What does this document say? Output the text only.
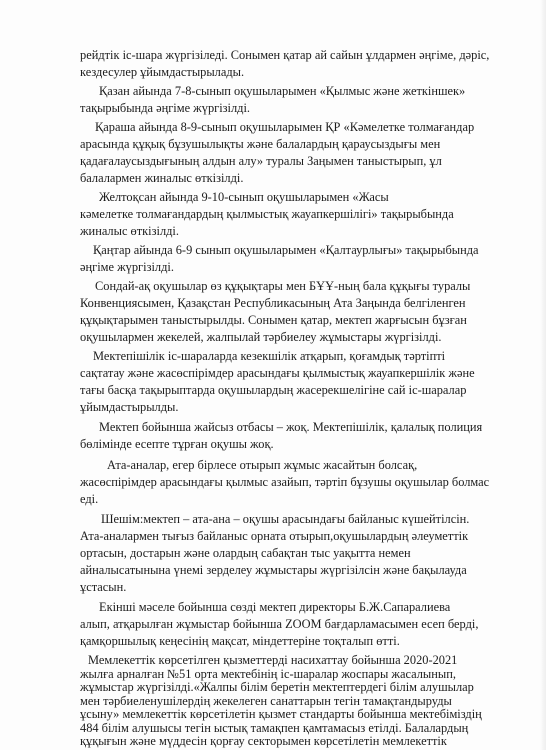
рейдтік іс-шара жүргізіледі. Сонымен қатар ай сайын ұлдармен әңгіме, дәріс,
кездесулер ұйымдастырылады.
Қазан айында 7-8-сынып оқушыларымен «Қылмыс және жеткіншек»
тақырыбында әңгіме жүргізілді.
Қараша айында 8-9-сынып оқушыларымен ҚР «Кәмелетке толмағандар
арасында құқық бұзушылықты және балалардың қараусыздығы мен
қадағалаусыздығының алдын алу» туралы Заңымен таныстырып, ұл
балалармен жиналыс өткізілді.
Желтоқсан айында 9-10-сынып оқушыларымен «Жасы
кәмелетке толмағандардың қылмыстық жауапкершілігі» тақырыбында
жиналыс өткізілді.
Қаңтар айында 6-9 сынып оқушыларымен «Қалтаурлығы» тақырыбында
әңгіме жүргізілді.
Сондай-ақ оқушылар өз құқықтары мен БҰҰ-ның бала құқығы туралы
Конвенциясымен, Қазақстан Республикасының Ата Заңында белгіленген
құқықтарымен таныстырылды. Сонымен қатар, мектеп жарғысын бұзған
оқушылармен жекелей, жалпылай тәрбиелеу жұмыстары жүргізілді.
Мектепішілік іс-шараларда кезекшілік атқарып, қоғамдық тәртіпті
сақтатау және жасөспірімдер арасындағы қылмыстық жауапкершілік және
тағы басқа тақырыптарда оқушылардың жасерекшелігіне сай іс-шаралар
ұйымдастырылды.
Мектеп бойынша жайсыз отбасы – жоқ. Мектепішілік, қалалық полиция
бөлімінде есепте тұрған оқушы жоқ.
Ата-аналар, егер бірлесе отырып жұмыс жасайтын болсақ,
жасөспірімдер арасындағы қылмыс азайып, тәртіп бұзушы оқушылар болмас
еді.
Шешім:мектеп – ата-ана – оқушы арасындағы байланыс күшейтілсін.
Ата-аналармен тығыз байланыс орната отырып,оқушылардың әлеуметтік
ортасын, достарын және олардың сабақтан тыс уақытта немен
айналысатынына үнемі зерделеу жұмыстары жүргізілсін және бақылауда
ұстасын.
Екінші мәселе бойынша сөзді мектеп директоры Б.Ж.Сапаралиева
алып, атқарылған жұмыстар бойынша ZOOM бағдарламасымен есеп берді,
қамқоршылық кеңесінің мақсат, міндеттеріне тоқталып өтті.
Мемлекеттік көрсетілген қызметтерді насихаттау бойынша 2020-2021
жылға арналған №51 орта мектебінің іс-шаралар жоспары жасалынып,
жұмыстар жүргізілді.«Жалпы білім беретін мектептердегі білім алушылар
мен тәрбиеленушілердің жекелеген санаттарын тегін тамақтандыруды
ұсыну» мемлекеттік көрсетілетін қызмет стандарты бойынша мектебіміздің
484 білім алушысы тегін ыстық тамақпен қамтамасыз етілді. Балалардың
құқығын және мүддесін қорғау секторымен көрсетілетін мемлекеттік
